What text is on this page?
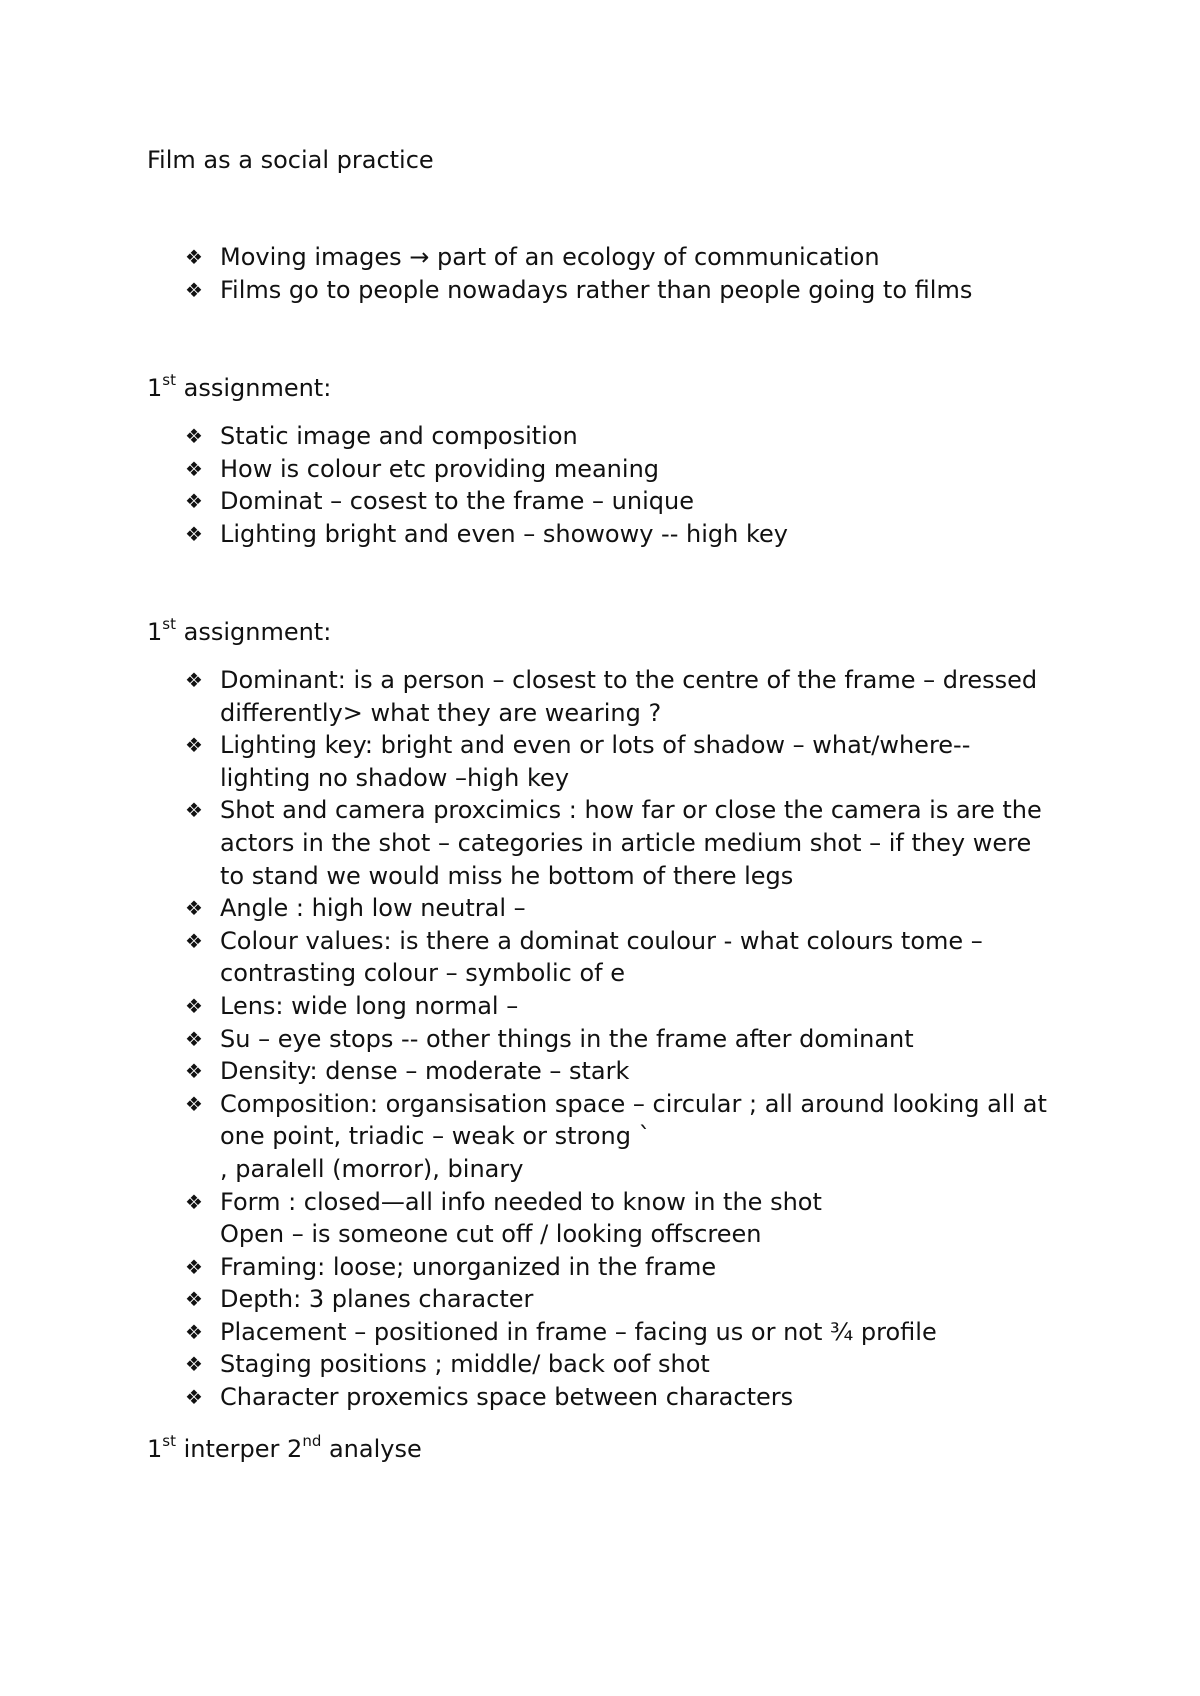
Film as a social practice
❖ Moving images → part of an ecology of communication
❖ Films go to people nowadays rather than people going to films
1st assignment:
❖ Static image and composition
❖ How is colour etc providing meaning
❖ Dominat – cosest to the frame – unique
❖ Lighting bright and even – showowy -- high key
1st assignment:
❖ Dominant: is a person – closest to the centre of the frame – dressed
differently> what they are wearing ?
❖ Lighting key: bright and even or lots of shadow – what/where--
lighting no shadow –high key
❖ Shot and camera proxcimics : how far or close the camera is are the
actors in the shot – categories in article medium shot – if they were
to stand we would miss he bottom of there legs
❖ Angle : high low neutral –
❖ Colour values: is there a dominat coulour - what colours tome –
contrasting colour – symbolic of e
❖ Lens: wide long normal –
❖ Su – eye stops -- other things in the frame after dominant
❖ Density: dense – moderate – stark
❖ Composition: organsisation space – circular ; all around looking all at
one point, triadic – weak or strong `
, paralell (morror), binary
❖ Form : closed—all info needed to know in the shot
Open – is someone cut off / looking offscreen
❖ Framing: loose; unorganized in the frame
❖ Depth: 3 planes character
❖ Placement – positioned in frame – facing us or not ¾ profile
❖ Staging positions ; middle/ back oof shot
❖ Character proxemics space between characters
1st interper 2nd analyse
